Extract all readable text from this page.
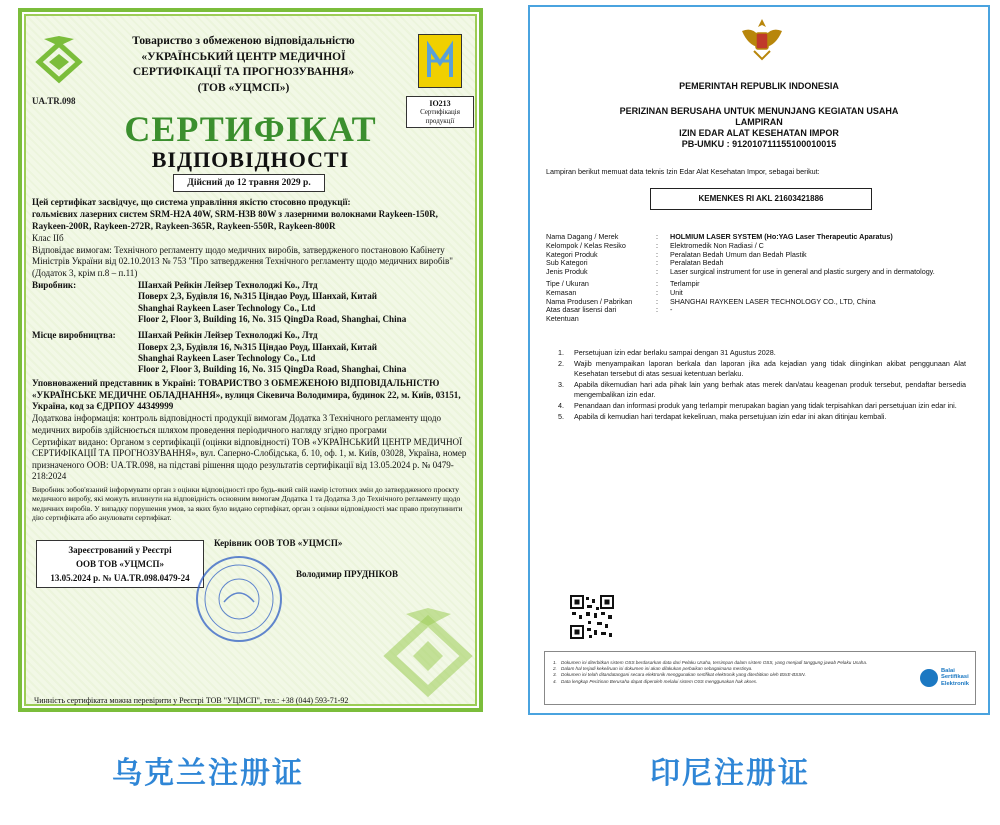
UA.TR.098
Товариство з обмеженою відповідальністю
«УКРАЇНСЬКИЙ ЦЕНТР МЕДИЧНОЇ
СЕРТИФІКАЦІЇ ТА ПРОГНОЗУВАННЯ»
(ТОВ «УЦМСП»)
IO213
Сертифікація продукції
СЕРТИФІКАТ
ВІДПОВІДНОСТІ
Дійсний до 12 травня 2029 р.

Цей сертифікат засвідчує, що система управління якістю стосовно продукції:

гольмієвих лазерних систем SRM-H2A 40W, SRM-H3B 80W з лазерними волокнами Raykeen-150R, Raykeen-200R, Raykeen-272R, Raykeen-365R, Raykeen-550R, Raykeen-800R

Клас IIб

Відповідає вимогам: Технічного регламенту щодо медичних виробів, затвердженого постановою Кабінету Міністрів України від 02.10.2013 № 753 "Про затвердження Технічного регламенту щодо медичних виробів" (Додаток 3, крім п.8 – п.11)

Виробник:	Шанхай Рейкін Лейзер Технолоджі Ко., Лтд
Поверх 2,3, Будівля 16, №315 Ціндао Роуд, Шанхай, Китай
Shanghai Raykeen Laser Technology Co., Ltd
Floor 2, Floor 3, Building 16, No. 315 QingDa Road, Shanghai, China
Місце виробництва:	Шанхай Рейкін Лейзер Технолоджі Ко., Лтд
Поверх 2,3, Будівля 16, №315 Ціндао Роуд, Шанхай, Китай
Shanghai Raykeen Laser Technology Co., Ltd
Floor 2, Floor 3, Building 16, No. 315 QingDa Road, Shanghai, China

Уповноважений представник в Україні: ТОВАРИСТВО З ОБМЕЖЕНОЮ ВІДПОВІДАЛЬНІСТЮ «УКРАЇНСЬКЕ МЕДИЧНЕ ОБЛАДНАННЯ», вулиця Сікевича Володимира, будинок 22, м. Київ, 03151, Україна, код за ЄДРПОУ 44349999

Додаткова інформація: контроль відповідності продукції вимогам Додатка 3 Технічного регламенту щодо медичних виробів здійснюється шляхом проведення періодичного нагляду згідно програми

Сертифікат видано: Органом з сертифікації (оцінки відповідності) ТОВ «УКРАЇНСЬКИЙ ЦЕНТР МЕДИЧНОЇ СЕРТИФІКАЦІЇ ТА ПРОГНОЗУВАННЯ», вул. Саперно-Слобідська, б. 10, оф. 1, м. Київ, 03028, Україна, номер призначеного ООВ: UA.TR.098, на підставі рішення щодо результатів сертифікації від 13.05.2024 р. № 0479-218:2024

Виробник зобов'язаний інформувати орган з оцінки відповідності про будь-який свій намір істотних змін до затвердженого проєкту медичного виробу, які можуть вплинути на відповідність основним вимогам Додатка 1 та Додатка 3 до Технічного регламенту щодо медичних виробів. У випадку порушення умов, за яких було видано сертифікат, орган з оцінки відповідності має право призупинити дію сертифіката або анулювати сертифікат.

Зареєстрований у Реєстрі
ООВ ТОВ «УЦМСП»
13.05.2024 р. № UA.TR.098.0479-24
Керівник ООВ ТОВ «УЦМСП»
Володимир ПРУДНІКОВ
Чинність сертифіката можна перевірити у Реєстрі ТОВ "УЦМСП", тел.: +38 (044) 593-71-92
PEMERINTAH REPUBLIK INDONESIA
PERIZINAN BERUSAHA UNTUK MENUNJANG KEGIATAN USAHA
LAMPIRAN
IZIN EDAR ALAT KESEHATAN IMPOR
PB-UMKU : 912010711155100010015
Lampiran berikut memuat data teknis Izin Edar Alat Kesehatan Impor, sebagai berikut:
KEMENKES RI AKL 21603421886
Nama Dagang / Merek	:	HOLMIUM LASER SYSTEM (Ho:YAG Laser Therapeutic Aparatus)
Kelompok / Kelas Resiko	:	Elektromedik Non Radiasi / C
Kategori Produk	:	Peralatan Bedah Umum dan Bedah Plastik
Sub Kategori	:	Peralatan Bedah
Jenis Produk	:	Laser surgical instrument for use in general and plastic surgery and in dermatology.
Tipe / Ukuran	:	Terlampir
Kemasan	:	Unit
Nama Produsen / Pabrikan	:	SHANGHAI RAYKEEN LASER TECHNOLOGY CO., LTD, China
Atas dasar lisensi dari	:	-
Ketentuan
1.	Persetujuan izin edar berlaku sampai dengan 31 Agustus 2028.
2.	Wajib menyampaikan laporan berkala dan laporan jika ada kejadian yang tidak diinginkan akibat penggunaan Alat Kesehatan tersebut di atas sesuai ketentuan berlaku.
3.	Apabila dikemudian hari ada pihak lain yang berhak atas merek dan/atau keagenan produk tersebut, pendaftar bersedia mengembalikan izin edar.
4.	Penandaan dan informasi produk yang terlampir merupakan bagian yang tidak terpisahkan dari persetujuan izin edar ini.
5.	Apabila di kemudian hari terdapat kekeliruan, maka persetujuan izin edar ini akan ditinjau kembali.
1. Dokumen ini diterbitkan sistem OSS berdasarkan data dari Pelaku Usaha, tersimpan dalam sistem OSS, yang menjadi tanggung jawab Pelaku Usaha.
2. Dalam hal terjadi kekeliruan isi dokumen ini akan dilakukan perbaikan sebagaimana mestinya.
3. Dokumen ini telah ditandatangani secara elektronik menggunakan sertifikat elektronik yang diterbitkan oleh BSrE-BSSN.
4. Data lengkap Perizinan Berusaha dapat diperoleh melalui sistem OSS menggunakan hak akses.
Balai
Sertifikasi
Elektronik
乌克兰注册证	印尼注册证
